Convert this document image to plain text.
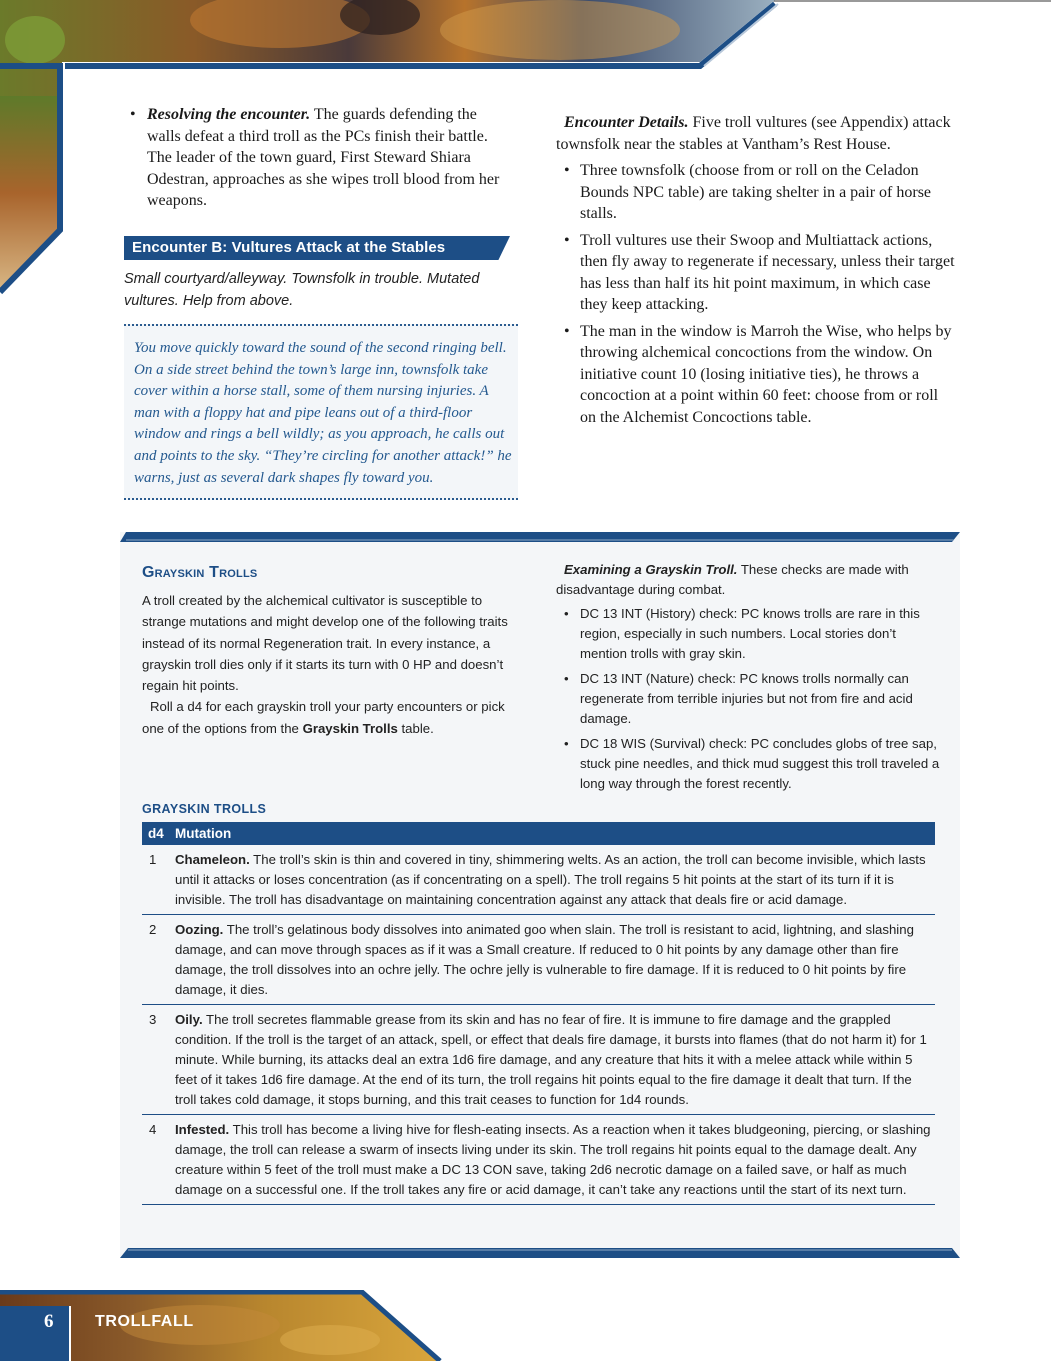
• Resolving the encounter. The guards defending the walls defeat a third troll as the PCs finish their battle. The leader of the town guard, First Steward Shiara Odestran, approaches as she wipes troll blood from her weapons.
Encounter B: Vultures Attack at the Stables
Small courtyard/alleyway. Townsfolk in trouble. Mutated vultures. Help from above.
You move quickly toward the sound of the second ringing bell. On a side street behind the town’s large inn, townsfolk take cover within a horse stall, some of them nursing injuries. A man with a floppy hat and pipe leans out of a third-floor window and rings a bell wildly; as you approach, he calls out and points to the sky. “They’re circling for another attack!” he warns, just as several dark shapes fly toward you.

Encounter Details. Five troll vultures (see Appendix) attack townsfolk near the stables at Vantham’s Rest House.

• Three townsfolk (choose from or roll on the Celadon Bounds NPC table) are taking shelter in a pair of horse stalls.
• Troll vultures use their Swoop and Multiattack actions, then fly away to regenerate if necessary, unless their target has less than half its hit point maximum, in which case they keep attacking.
• The man in the window is Marroh the Wise, who helps by throwing alchemical concoctions from the window. On initiative count 10 (losing initiative ties), he throws a concoction at a point within 60 feet: choose from or roll on the Alchemist Concoctions table.
Grayskin Trolls

A troll created by the alchemical cultivator is susceptible to strange mutations and might develop one of the following traits instead of its normal Regeneration trait. In every instance, a grayskin troll dies only if it starts its turn with 0 HP and doesn’t regain hit points.

Roll a d4 for each grayskin troll your party encounters or pick one of the options from the Grayskin Trolls table.

Examining a Grayskin Troll. These checks are made with disadvantage during combat.

• DC 13 INT (History) check: PC knows trolls are rare in this region, especially in such numbers. Local stories don’t mention trolls with gray skin.
• DC 13 INT (Nature) check: PC knows trolls normally can regenerate from terrible injuries but not from fire and acid damage.
• DC 18 WIS (Survival) check: PC concludes globs of tree sap, stuck pine needles, and thick mud suggest this troll traveled a long way through the forest recently.
GRAYSKIN TROLLS
d4	Mutation
1	Chameleon. The troll’s skin is thin and covered in tiny, shimmering welts. As an action, the troll can become invisible, which lasts until it attacks or loses concentration (as if concentrating on a spell). The troll regains 5 hit points at the start of its turn if it is invisible. The troll has disadvantage on maintaining concentration against any attack that deals fire or acid damage.
2	Oozing. The troll’s gelatinous body dissolves into animated goo when slain. The troll is resistant to acid, lightning, and slashing damage, and can move through spaces as if it was a Small creature. If reduced to 0 hit points by any damage other than fire damage, the troll dissolves into an ochre jelly. The ochre jelly is vulnerable to fire damage. If it is reduced to 0 hit points by fire damage, it dies.
3	Oily. The troll secretes flammable grease from its skin and has no fear of fire. It is immune to fire damage and the grappled condition. If the troll is the target of an attack, spell, or effect that deals fire damage, it bursts into flames (that do not harm it) for 1 minute. While burning, its attacks deal an extra 1d6 fire damage, and any creature that hits it with a melee attack while within 5 feet of it takes 1d6 fire damage. At the end of its turn, the troll regains hit points equal to the fire damage it dealt that turn. If the troll takes cold damage, it stops burning, and this trait ceases to function for 1d4 rounds.
4	Infested. This troll has become a living hive for flesh-eating insects. As a reaction when it takes bludgeoning, piercing, or slashing damage, the troll can release a swarm of insects living under its skin. The troll regains hit points equal to the damage dealt. Any creature within 5 feet of the troll must make a DC 13 CON save, taking 2d6 necrotic damage on a failed save, or half as much damage on a successful one. If the troll takes any fire or acid damage, it can’t take any reactions until the start of its next turn.
6	TROLLFALL
